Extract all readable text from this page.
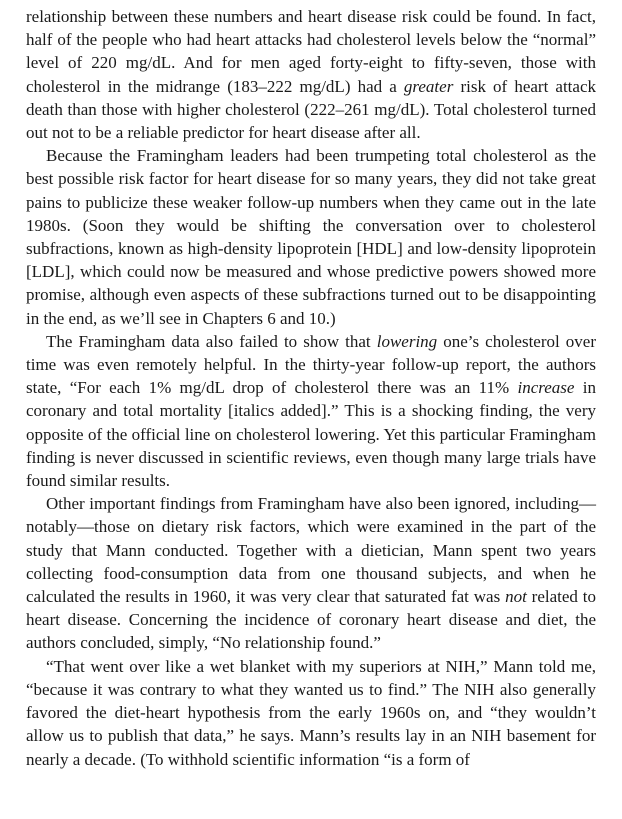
relationship between these numbers and heart disease risk could be found. In fact, half of the people who had heart attacks had cholesterol levels below the “normal” level of 220 mg/dL. And for men aged forty-eight to fifty-seven, those with cholesterol in the midrange (183–222 mg/dL) had a greater risk of heart attack death than those with higher cholesterol (222–261 mg/dL). Total cholesterol turned out not to be a reliable predictor for heart disease after all.

Because the Framingham leaders had been trumpeting total cholesterol as the best possible risk factor for heart disease for so many years, they did not take great pains to publicize these weaker follow-up numbers when they came out in the late 1980s. (Soon they would be shifting the conversation over to cholesterol subfractions, known as high-density lipoprotein [HDL] and low-density lipoprotein [LDL], which could now be measured and whose predictive powers showed more promise, although even aspects of these subfractions turned out to be disappointing in the end, as we’ll see in Chapters 6 and 10.)

The Framingham data also failed to show that lowering one’s cholesterol over time was even remotely helpful. In the thirty-year follow-up report, the authors state, “For each 1% mg/dL drop of cholesterol there was an 11% increase in coronary and total mortality [italics added].” This is a shocking finding, the very opposite of the official line on cholesterol lowering. Yet this particular Framingham finding is never discussed in scientific reviews, even though many large trials have found similar results.

Other important findings from Framingham have also been ignored, including—notably—those on dietary risk factors, which were examined in the part of the study that Mann conducted. Together with a dietician, Mann spent two years collecting food-consumption data from one thousand subjects, and when he calculated the results in 1960, it was very clear that saturated fat was not related to heart disease. Concerning the incidence of coronary heart disease and diet, the authors concluded, simply, “No relationship found.”

“That went over like a wet blanket with my superiors at NIH,” Mann told me, “because it was contrary to what they wanted us to find.” The NIH also generally favored the diet-heart hypothesis from the early 1960s on, and “they wouldn’t allow us to publish that data,” he says. Mann’s results lay in an NIH basement for nearly a decade. (To withhold scientific information “is a form of
